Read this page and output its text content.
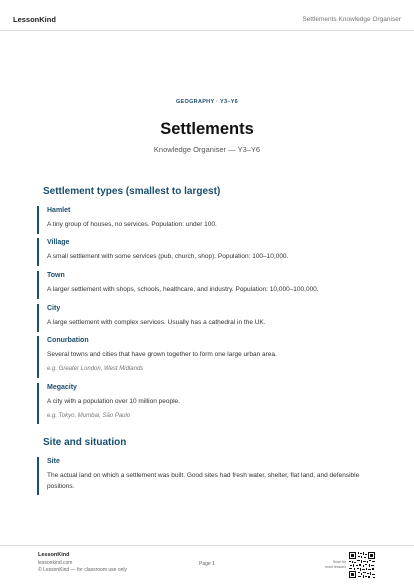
LessonKind	Settlements Knowledge Organiser
GEOGRAPHY · Y3–Y6
Settlements
Knowledge Organiser — Y3–Y6
Settlement types (smallest to largest)
Hamlet
A tiny group of houses, no services. Population: under 100.
Village
A small settlement with some services (pub, church, shop). Population: 100–10,000.
Town
A larger settlement with shops, schools, healthcare, and industry. Population: 10,000–100,000.
City
A large settlement with complex services. Usually has a cathedral in the UK.
Conurbation
Several towns and cities that have grown together to form one large urban area.
e.g. Greater London, West Midlands
Megacity
A city with a population over 10 million people.
e.g. Tokyo, Mumbai, São Paulo
Site and situation
Site
The actual land on which a settlement was built. Good sites had fresh water, shelter, flat land, and defensible positions.
LessonKind
lessonkind.com
© LessonKind — for classroom use only
Page 1	Scan for
more lessons
